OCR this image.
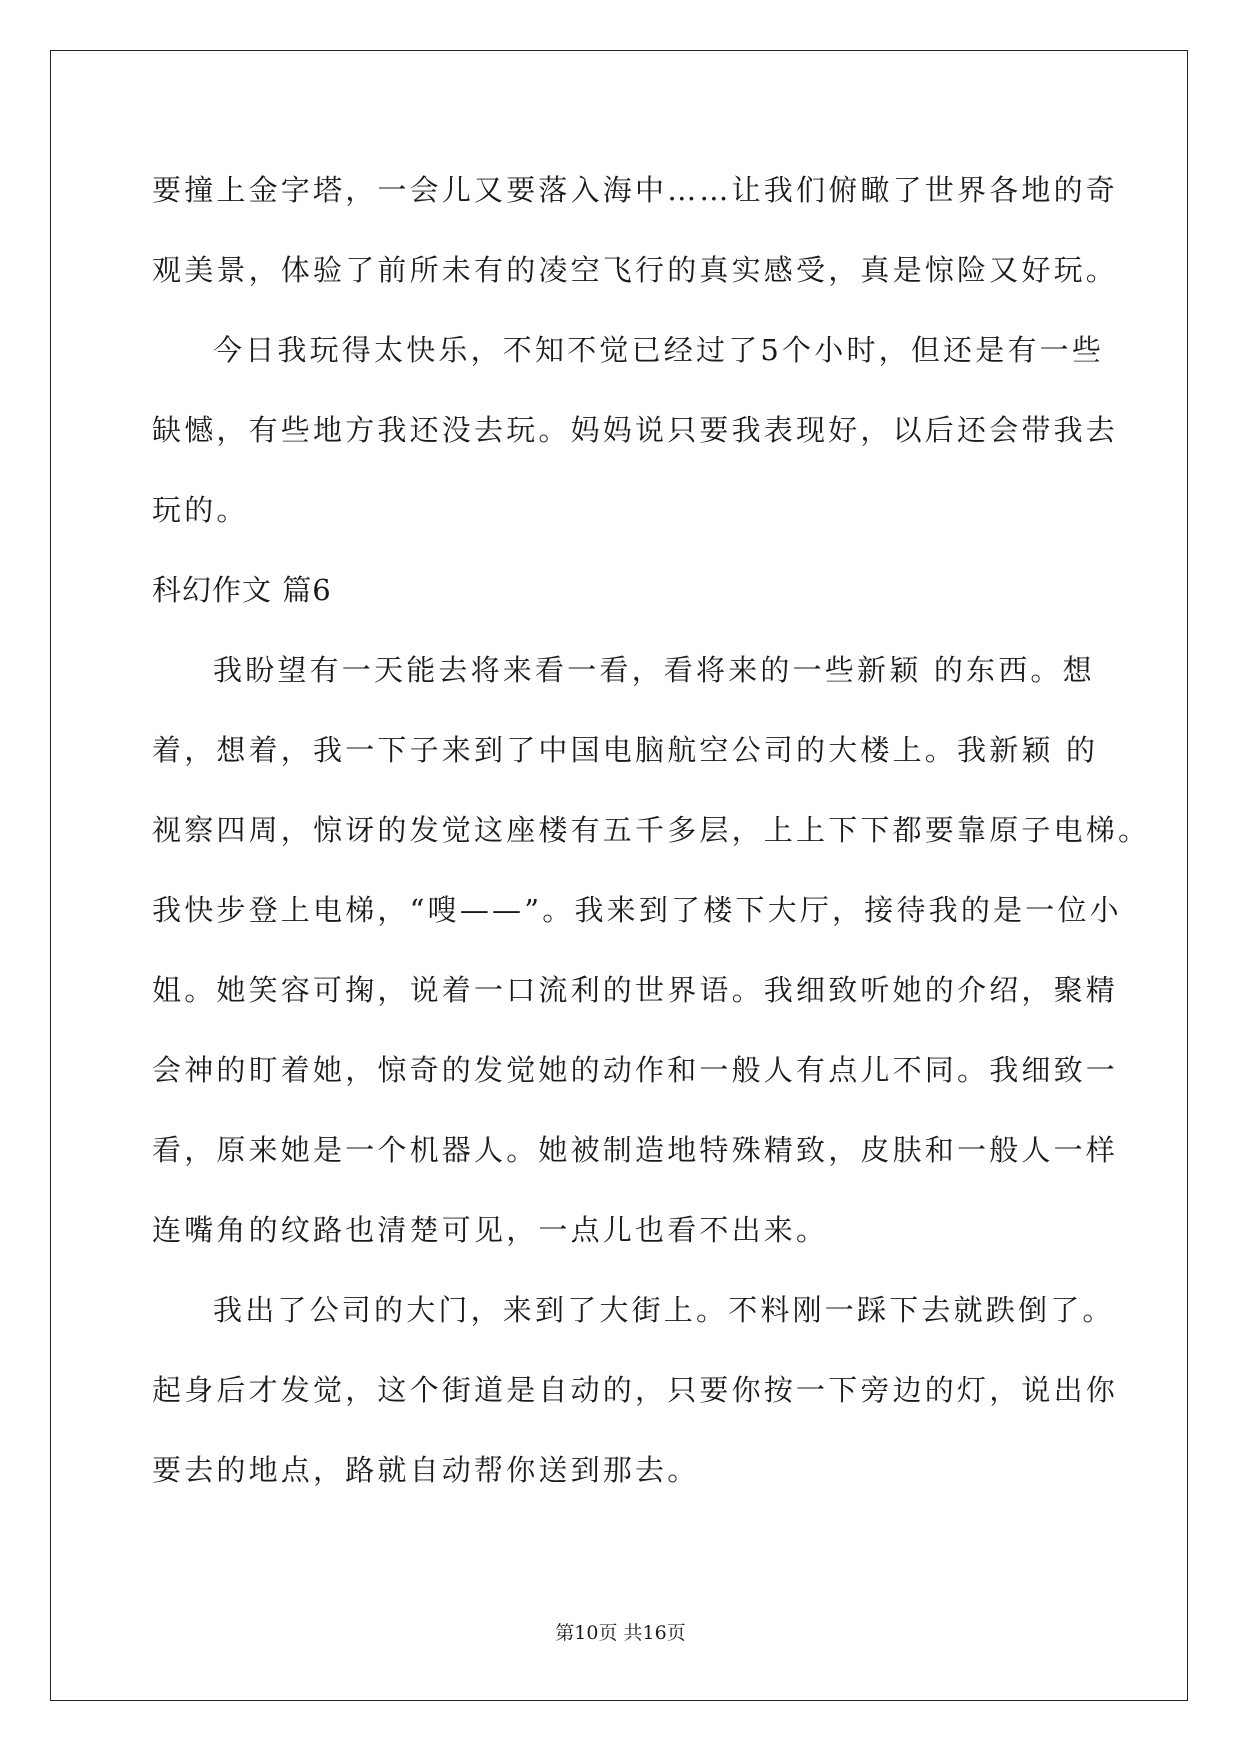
要撞上金字塔，一会儿又要落入海中……让我们俯瞰了世界各地的奇
观美景，体验了前所未有的凌空飞行的真实感受，真是惊险又好玩。
今日我玩得太快乐，不知不觉已经过了5个小时，但还是有一些
缺憾，有些地方我还没去玩。妈妈说只要我表现好，以后还会带我去
玩的。
科幻作文 篇6
我盼望有一天能去将来看一看，看将来的一些新颖 的东西。想
着，想着，我一下子来到了中国电脑航空公司的大楼上。我新颖 的
视察四周，惊讶的发觉这座楼有五千多层，上上下下都要靠原子电梯。
我快步登上电梯，“嗖——”。我来到了楼下大厅，接待我的是一位小
姐。她笑容可掬，说着一口流利的世界语。我细致听她的介绍，聚精
会神的盯着她，惊奇的发觉她的动作和一般人有点儿不同。我细致一
看，原来她是一个机器人。她被制造地特殊精致，皮肤和一般人一样
连嘴角的纹路也清楚可见，一点儿也看不出来。
我出了公司的大门，来到了大街上。不料刚一踩下去就跌倒了。
起身后才发觉，这个街道是自动的，只要你按一下旁边的灯，说出你
要去的地点，路就自动帮你送到那去。
第10页 共16页
